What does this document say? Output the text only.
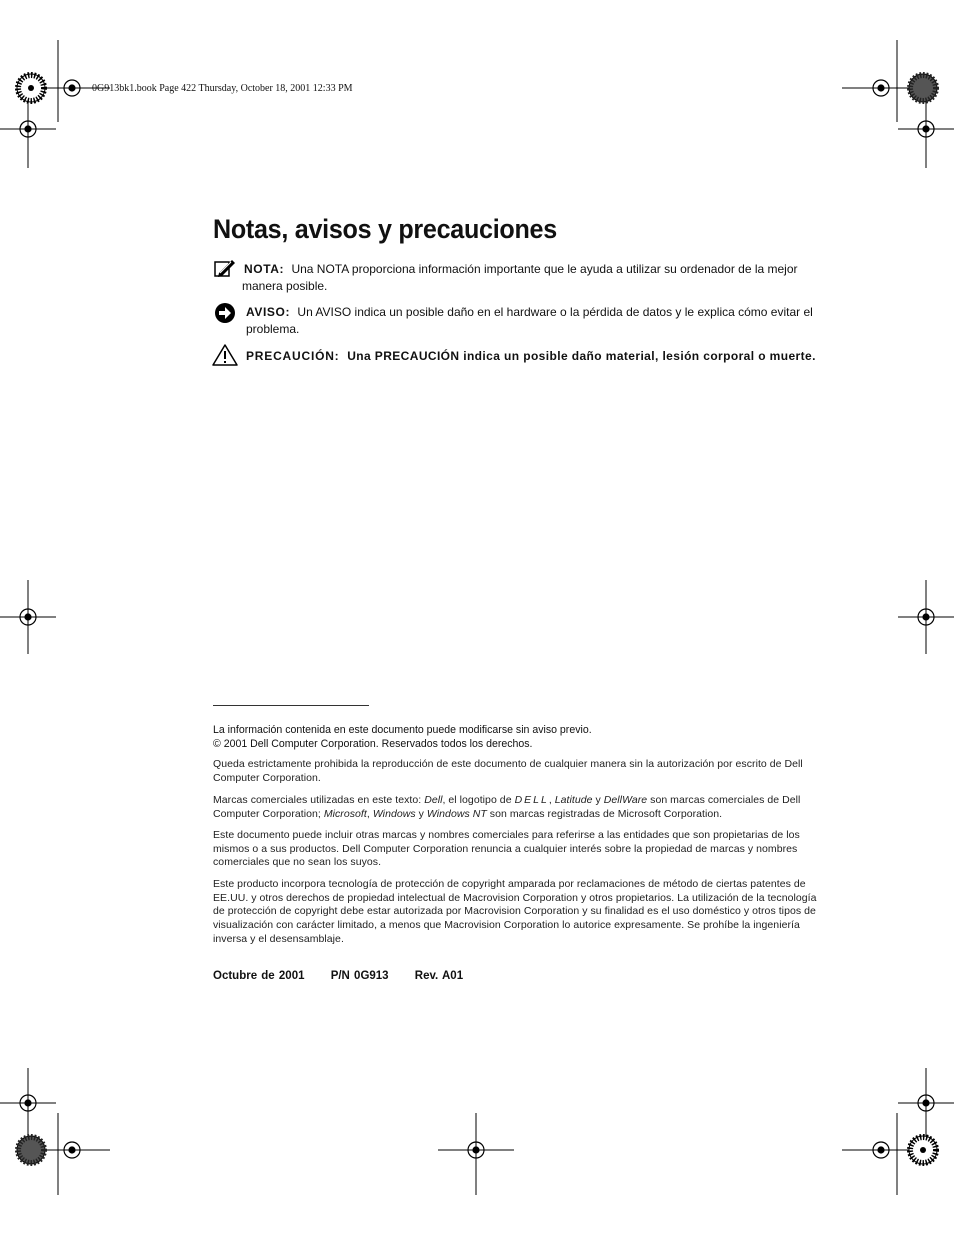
0G913bk1.book Page 422 Thursday, October 18, 2001 12:33 PM
Notas, avisos y precauciones
NOTA: Una NOTA proporciona información importante que le ayuda a utilizar su ordenador de la mejor manera posible.
AVISO: Un AVISO indica un posible daño en el hardware o la pérdida de datos y le explica cómo evitar el problema.
PRECAUCIÓN: Una PRECAUCIÓN indica un posible daño material, lesión corporal o muerte.
La información contenida en este documento puede modificarse sin aviso previo.
© 2001 Dell Computer Corporation. Reservados todos los derechos.
Queda estrictamente prohibida la reproducción de este documento de cualquier manera sin la autorización por escrito de Dell Computer Corporation.
Marcas comerciales utilizadas en este texto: Dell, el logotipo de DELL, Latitude y DellWare son marcas comerciales de Dell Computer Corporation; Microsoft, Windows y Windows NT son marcas registradas de Microsoft Corporation.
Este documento puede incluir otras marcas y nombres comerciales para referirse a las entidades que son propietarias de los mismos o a sus productos. Dell Computer Corporation renuncia a cualquier interés sobre la propiedad de marcas y nombres comerciales que no sean los suyos.
Este producto incorpora tecnología de protección de copyright amparada por reclamaciones de método de ciertas patentes de EE.UU. y otros derechos de propiedad intelectual de Macrovision Corporation y otros propietarios. La utilización de la tecnología de protección de copyright debe estar autorizada por Macrovision Corporation y su finalidad es el uso doméstico y otros tipos de visualización con carácter limitado, a menos que Macrovision Corporation lo autorice expresamente. Se prohíbe la ingeniería inversa y el desensamblaje.
Octubre de 2001 P/N 0G913 Rev. A01
